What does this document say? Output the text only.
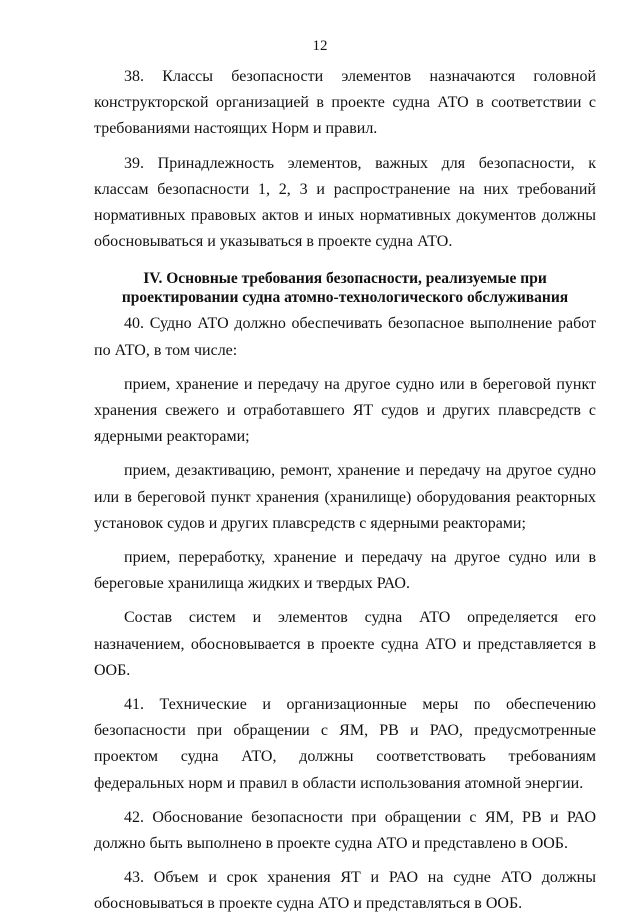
12

38. Классы безопасности элементов назначаются головной конструкторской организацией в проекте судна АТО в соответствии с требованиями настоящих Норм и правил.

39. Принадлежность элементов, важных для безопасности, к классам безопасности 1, 2, 3 и распространение на них требований нормативных правовых актов и иных нормативных документов должны обосновываться и указываться в проекте судна АТО.

IV. Основные требования безопасности, реализуемые при
проектировании судна атомно-технологического обслуживания

40. Судно АТО должно обеспечивать безопасное выполнение работ по АТО, в том числе:

прием, хранение и передачу на другое судно или в береговой пункт хранения свежего и отработавшего ЯТ судов и других плавсредств с ядерными реакторами;

прием, дезактивацию, ремонт, хранение и передачу на другое судно или в береговой пункт хранения (хранилище) оборудования реакторных установок судов и других плавсредств с ядерными реакторами;

прием, переработку, хранение и передачу на другое судно или в береговые хранилища жидких и твердых РАО.

Состав систем и элементов судна АТО определяется его назначением, обосновывается в проекте судна АТО и представляется в ООБ.

41. Технические и организационные меры по обеспечению безопасности при обращении с ЯМ, РВ и РАО, предусмотренные проектом судна АТО, должны соответствовать требованиям федеральных норм и правил в области использования атомной энергии.

42. Обоснование безопасности при обращении с ЯМ, РВ и РАО должно быть выполнено в проекте судна АТО и представлено в ООБ.

43. Объем и срок хранения ЯТ и РАО на судне АТО должны обосновываться в проекте судна АТО и представляться в ООБ.
